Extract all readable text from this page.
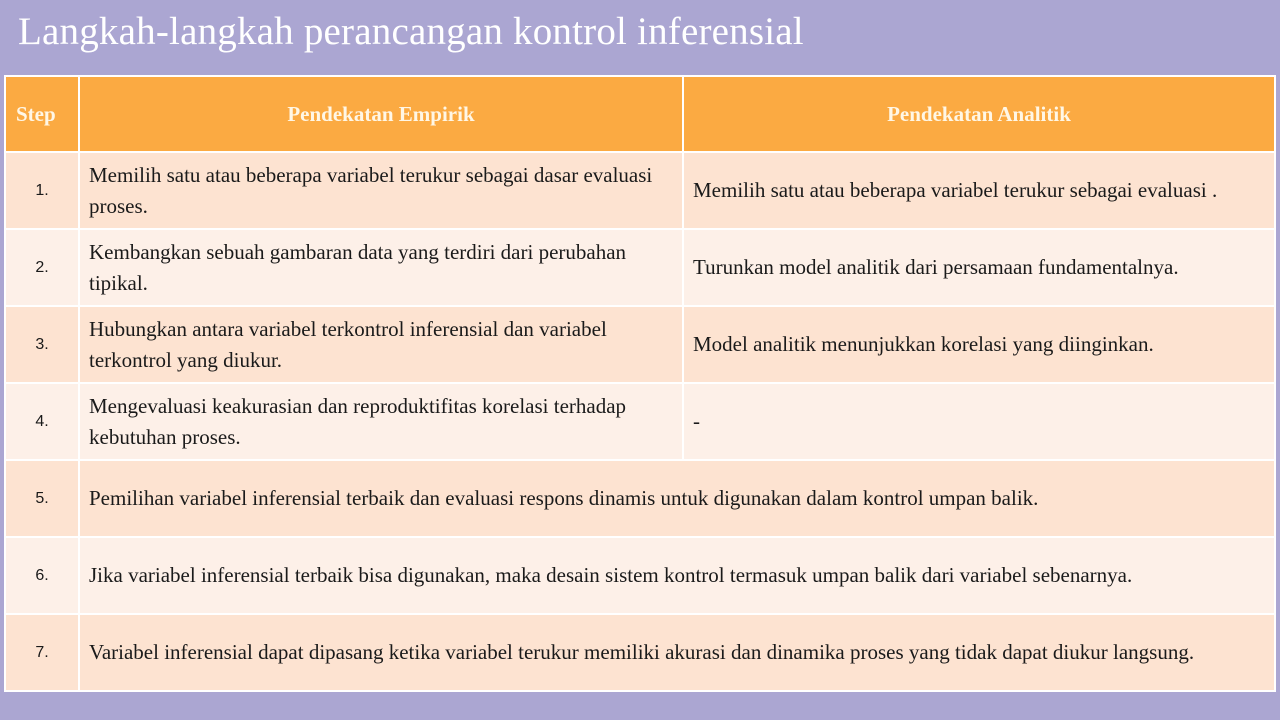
Langkah-langkah perancangan kontrol inferensial
Step	Pendekatan Empirik	Pendekatan Analitik
1.	Memilih satu atau beberapa variabel terukur sebagai dasar evaluasi proses.	Memilih satu atau beberapa variabel terukur sebagai evaluasi .
2.	Kembangkan sebuah gambaran data yang terdiri dari perubahan tipikal.	Turunkan model analitik dari persamaan fundamentalnya.
3.	Hubungkan antara variabel terkontrol inferensial dan variabel terkontrol yang diukur.	Model analitik menunjukkan korelasi yang diinginkan.
4.	Mengevaluasi keakurasian dan reproduktifitas korelasi terhadap kebutuhan proses.	-
5.	Pemilihan variabel inferensial terbaik dan evaluasi respons dinamis untuk digunakan dalam kontrol umpan balik.	
6.	Jika variabel inferensial terbaik bisa digunakan, maka desain sistem kontrol termasuk umpan balik dari variabel sebenarnya.	
7.	Variabel inferensial dapat dipasang ketika variabel terukur memiliki akurasi dan dinamika proses yang tidak dapat diukur langsung.	
